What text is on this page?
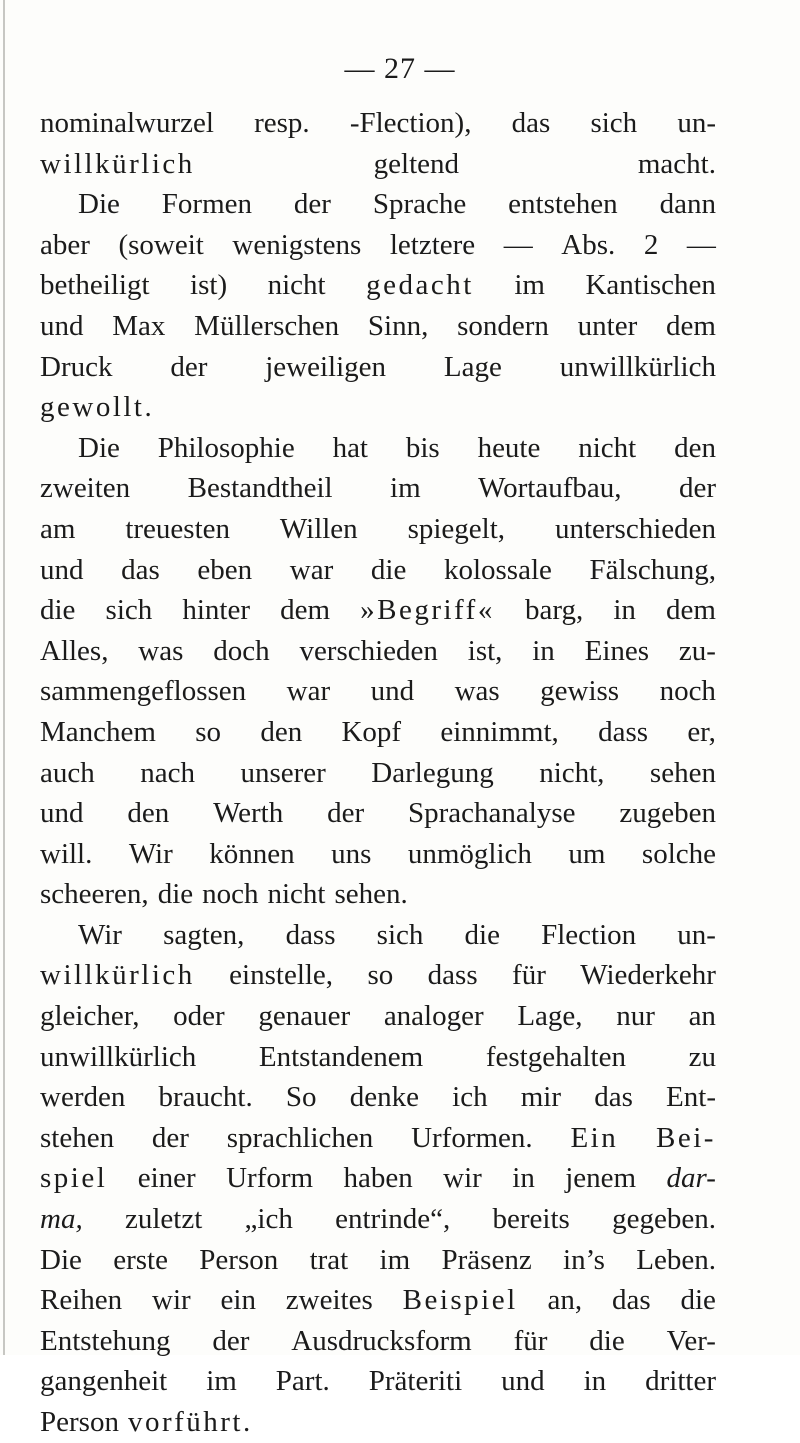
— 27 —
nominalwurzel resp. -Flection), das sich un-
willkürlich	geltend	macht.
Die Formen der Sprache entstehen dann
aber (soweit wenigstens letztere — Abs. 2 —
betheiligt ist) nicht gedacht im Kantischen
und Max Müllerschen Sinn, sondern unter dem
Druck der jeweiligen Lage unwillkürlich
gewollt.
Die Philosophie hat bis heute nicht den
zweiten Bestandtheil im Wortaufbau, der
am treuesten Willen spiegelt, unterschieden
und das eben war die kolossale Fälschung,
die sich hinter dem »Begriff« barg, in dem
Alles, was doch verschieden ist, in Eines zu-
sammengeflossen war und was gewiss noch
Manchem so den Kopf einnimmt, dass er,
auch nach unserer Darlegung nicht, sehen
und den Werth der Sprachanalyse zugeben
will. Wir können uns unmöglich um solche
scheeren, die noch nicht sehen.
Wir sagten, dass sich die Flection un-
willkürlich einstelle, so dass für Wiederkehr
gleicher, oder genauer analoger Lage, nur an
unwillkürlich Entstandenem festgehalten zu
werden braucht. So denke ich mir das Ent-
stehen der sprachlichen Urformen. Ein Bei-
spiel einer Urform haben wir in jenem dar-
ma, zuletzt „ich entrinde“, bereits gegeben.
Die erste Person trat im Präsenz in’s Leben.
Reihen wir ein zweites Beispiel an, das die
Entstehung der Ausdrucksform für die Ver-
gangenheit im Part. Präteriti und in dritter
Person vorführt.
